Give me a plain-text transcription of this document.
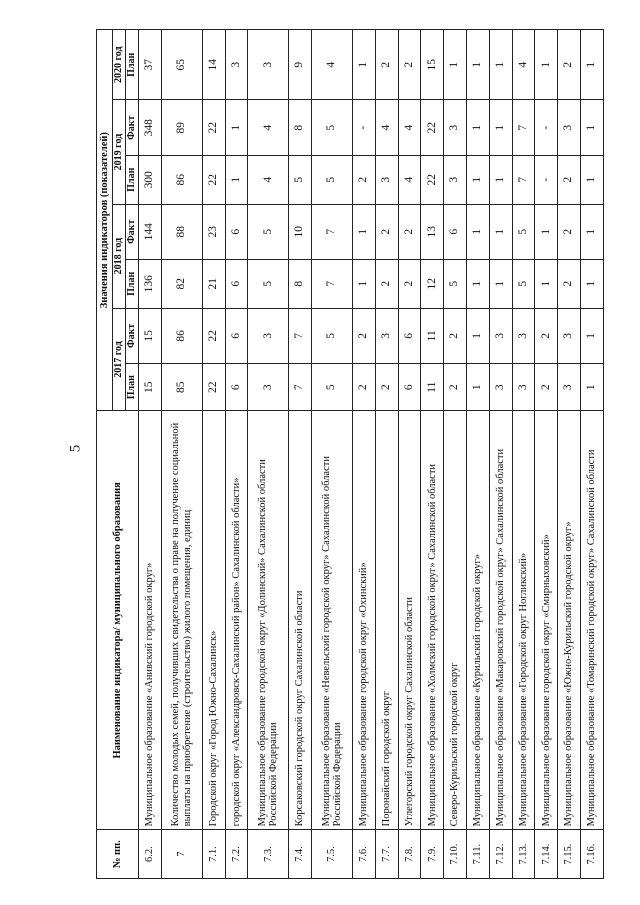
5
№ пп.	Наименование индикатора/ муниципального образования	Значения индикаторов (показателей)						
		2017 год		2018 год		2019 год		2020 год
		План	Факт	План	Факт	План	Факт	План
6.2.	Муниципальное образование «Анивский городской округ»	15	15	136	144	300	348	37
7	Количество молодых семей, получивших свидетельства о праве на получение социальной выплаты на приобретение (строительство) жилого помещения, единиц	85	86	82	88	86	89	65
7.1.	Городской округ «Город Южно-Сахалинск»	22	22	21	23	22	22	14
7.2.	городской округ «Александровск-Сахалинский район» Сахалинской области»	6	6	6	6	1	1	3
7.3.	Муниципальное образование городской округ «Долинский» Сахалинской области Российской Федерации	3	3	5	5	4	4	3
7.4.	Корсаковский городской округ Сахалинской области	7	7	8	10	5	8	9
7.5.	Муниципальное образование «Невельский городской округ» Сахалинской области Российской Федерации	5	5	7	7	5	5	4
7.6.	Муниципальное образование городской округ «Охинский»	2	2	1	1	2	-	1
7.7.	Поронайский городской округ	2	3	2	2	3	4	2
7.8.	Углегорский городской округ Сахалинской области	6	6	2	2	4	4	2
7.9.	Муниципальное образование «Холмский городской округ» Сахалинской области	11	11	12	13	22	22	15
7.10.	Северо-Курильский городской округ	2	2	5	6	3	3	1
7.11.	Муниципальное образование «Курильский городской округ»	1	1	1	1	1	1	1
7.12.	Муниципальное образование «Макаровский городской округ» Сахалинской области	3	3	1	1	1	1	1
7.13.	Муниципальное образование «Городской округ Ногликский»	3	3	5	5	7	7	4
7.14.	Муниципальное образование городской округ «Смирныховский»	2	2	1	1	-	-	1
7.15.	Муниципальное образование «Южно-Курильский городской округ»	3	3	2	2	2	3	2
7.16.	Муниципальное образование «Томаринский городской округ» Сахалинской области	1	1	1	1	1	1	1
